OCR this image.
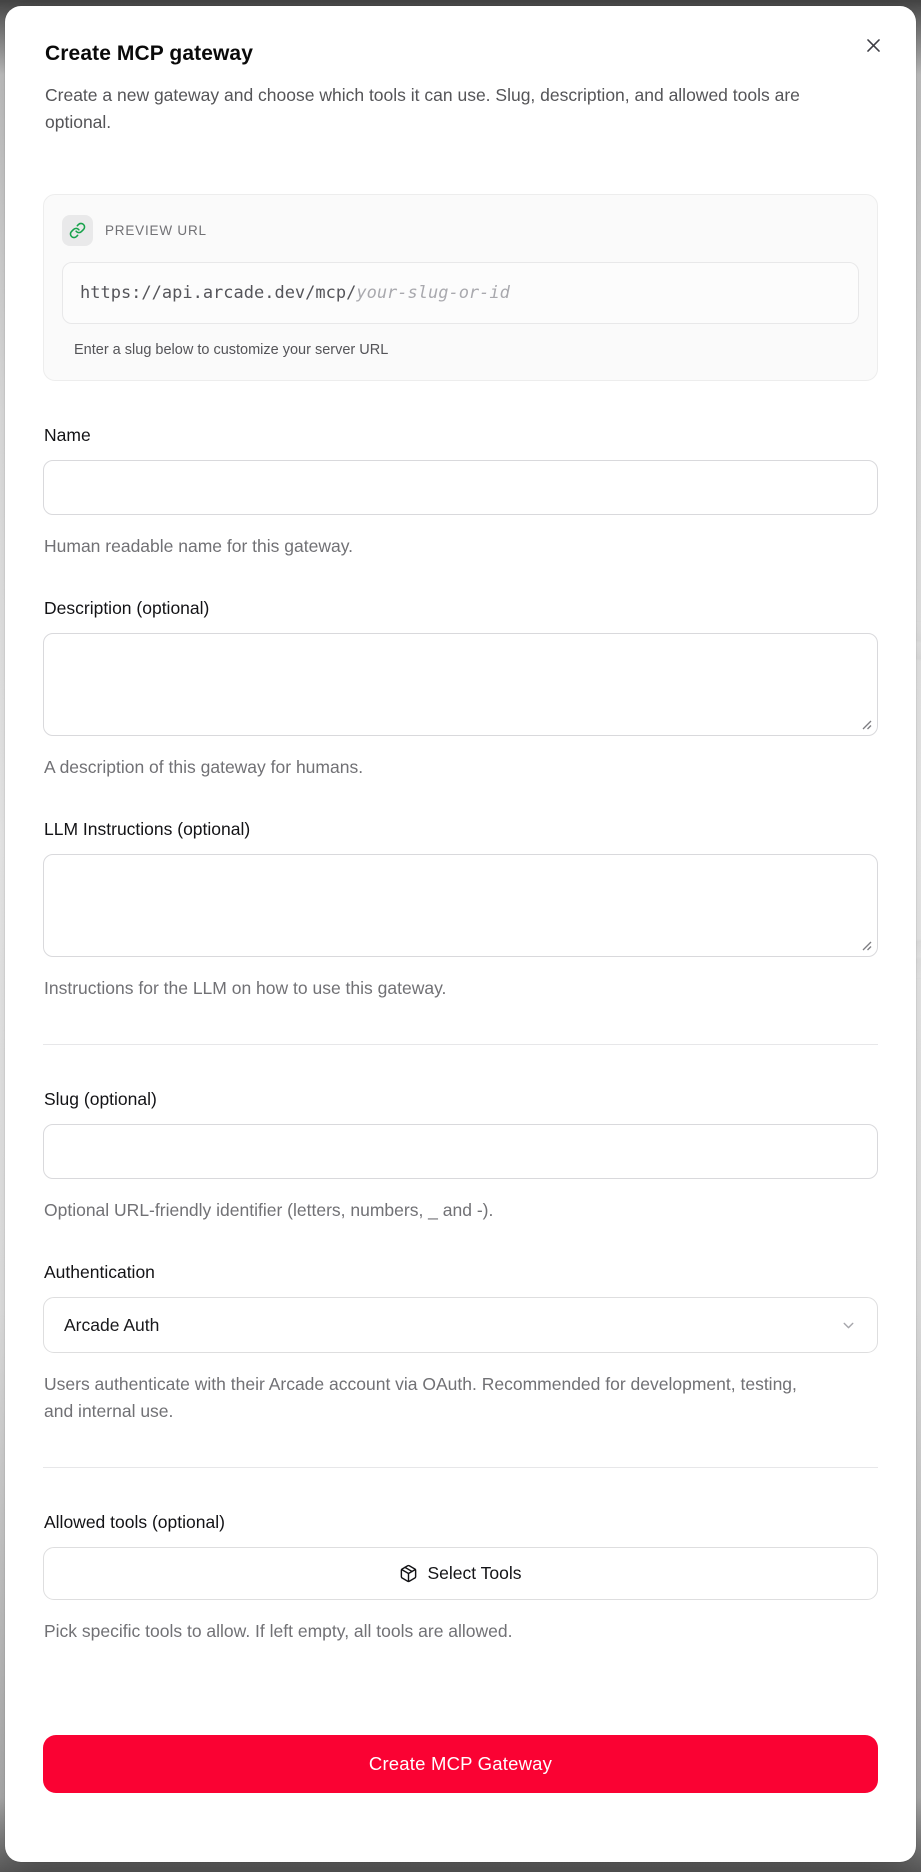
Create MCP gateway

Create a new gateway and choose which tools it can use. Slug, description, and allowed tools are optional.

PREVIEW URL
https://api.arcade.dev/mcp/your-slug-or-id
Enter a slug below to customize your server URL
Name
Human readable name for this gateway.
Description (optional)
A description of this gateway for humans.
LLM Instructions (optional)
Instructions for the LLM on how to use this gateway.
Slug (optional)
Optional URL-friendly identifier (letters, numbers, _ and -).
Authentication
Arcade Auth
Users authenticate with their Arcade account via OAuth. Recommended for development, testing, and internal use.
Allowed tools (optional)
Select Tools
Pick specific tools to allow. If left empty, all tools are allowed.
Create MCP Gateway
